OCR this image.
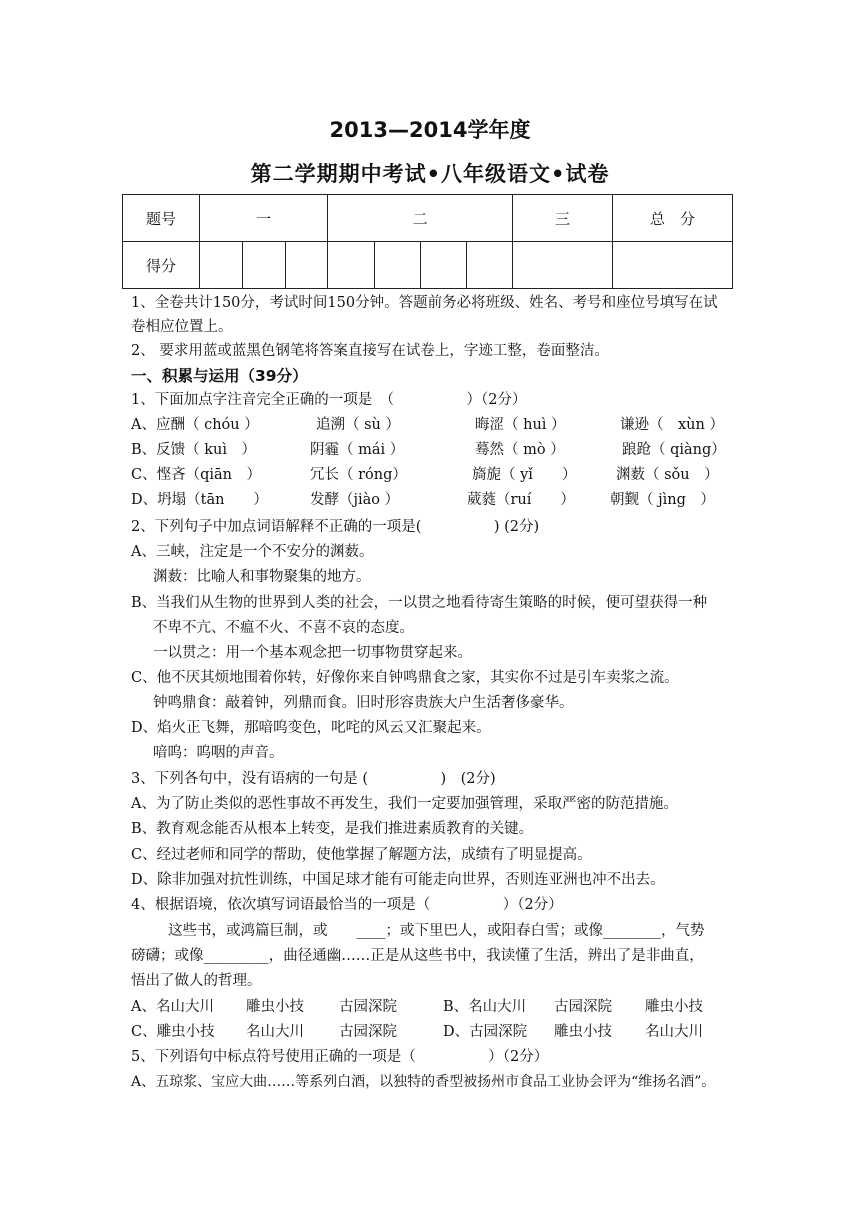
2013—2014学年度
第二学期期中考试•八年级语文•试卷
题号	一			二				三	总　分
得分									
1、全卷共计150分，考试时间150分钟。答题前务必将班级、姓名、考号和座位号填写在试
卷相应位置上。
2、 要求用蓝或蓝黑色钢笔将答案直接写在试卷上，字迹工整，卷面整洁。
一、积累与运用（39分）
1、下面加点字注音完全正确的一项是　（　　　　　）（2分）
A、应酬（ chóu ）	追溯（ sù ）	晦涩（ huì ）	谦逊（　xùn ）
B、反馈（ kuì　）	阴霾（ mái ）	蓦然（ mò ）	踉跄（ qiàng）
C、悭吝（qiān　）	冗长（ róng）	旖旎（ yǐ　　）	渊薮（ sǒu　）
D、坍塌（tān　　）	发酵（jiào ）	葳蕤（ruí　　） 朝觐（ jìng　）
2、下列句子中加点词语解释不正确的一项是(　　　　　) (2分)
A、三峡，注定是一个不安分的渊薮。
渊薮：比喻人和事物聚集的地方。
B、当我们从生物的世界到人类的社会，一以贯之地看待寄生策略的时候，便可望获得一种
不卑不亢、不瘟不火、不喜不哀的态度。
一以贯之：用一个基本观念把一切事物贯穿起来。
C、他不厌其烦地围着你转，好像你来自钟鸣鼎食之家，其实你不过是引车卖浆之流。
钟鸣鼎食：敲着钟，列鼎而食。旧时形容贵族大户生活奢侈豪华。
D、焰火正飞舞，那喑呜变色，叱咤的风云又汇聚起来。
喑呜：呜咽的声音。
3、下列各句中，没有语病的一句是 (　　　　　)　(2分)
A、为了防止类似的恶性事故不再发生，我们一定要加强管理，采取严密的防范措施。
B、教育观念能否从根本上转变，是我们推进素质教育的关键。
C、经过老师和同学的帮助，使他掌握了解题方法，成绩有了明显提高。
D、除非加强对抗性训练，中国足球才能有可能走向世界，否则连亚洲也冲不出去。
4、根据语境，依次填写词语最恰当的一项是（　　　　　）（2分）
这些书，或鸿篇巨制，或　　____；或下里巴人，或阳春白雪；或像________，气势
磅礴；或像_________，曲径通幽……正是从这些书中，我读懂了生活，辨出了是非曲直，
悟出了做人的哲理。
A、名山大川 雕虫小技 古园深院	B、名山大川 古园深院 雕虫小技
C、雕虫小技 名山大川 古园深院	D、古园深院 雕虫小技 名山大川
5、下列语句中标点符号使用正确的一项是（　　　　　）（2分）
A、五琼浆、宝应大曲……等系列白酒，以独特的香型被扬州市食品工业协会评为“维扬名酒”。
